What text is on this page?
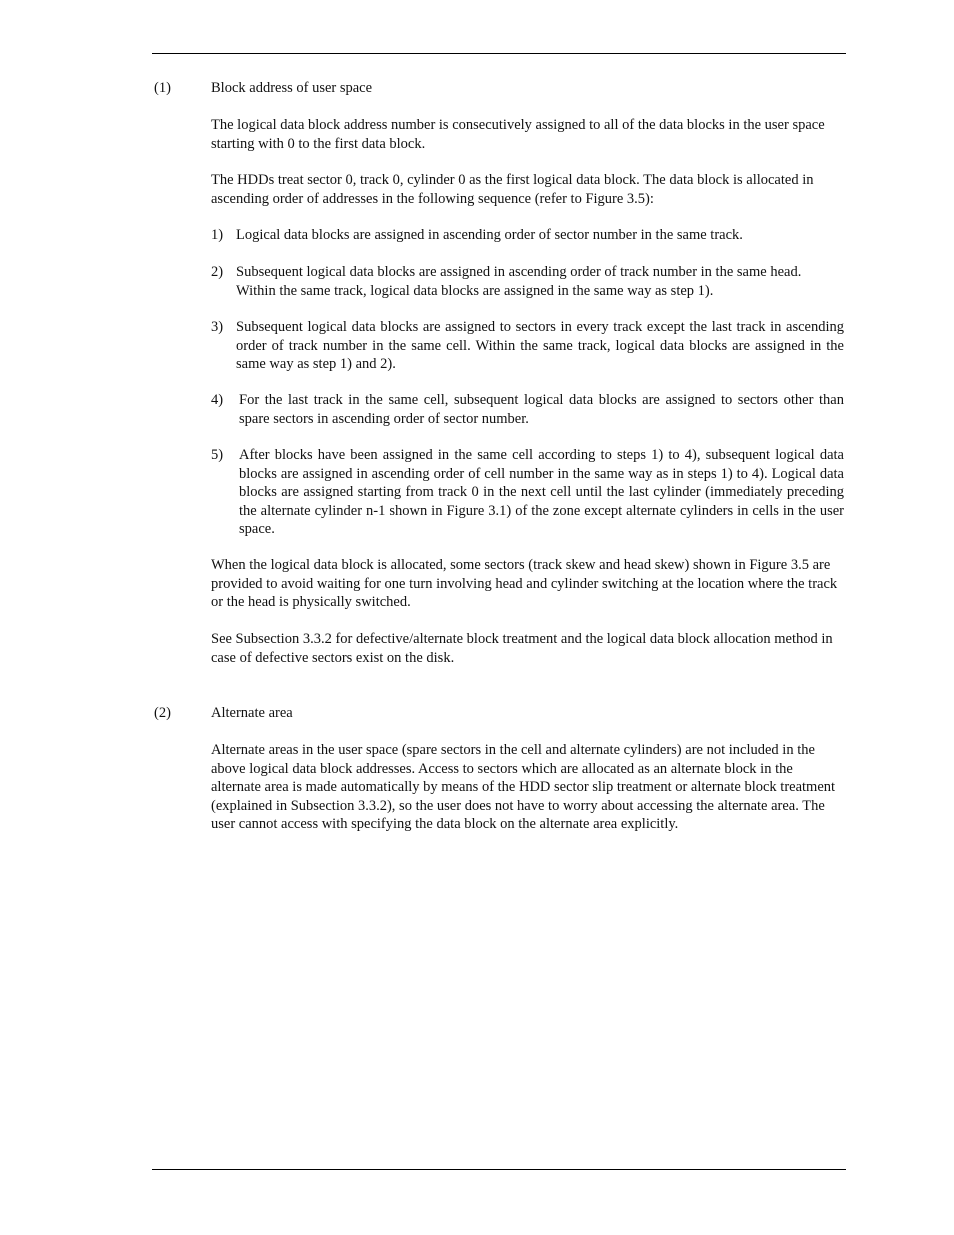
(1)	Block address of user space

The logical data block address number is consecutively assigned to all of the data blocks in the user space starting with 0 to the first data block.

The HDDs treat sector 0, track 0, cylinder 0 as the first logical data block. The data block is allocated in ascending order of addresses in the following sequence (refer to Figure 3.5):

1) Logical data blocks are assigned in ascending order of sector number in the same track.
2) Subsequent logical data blocks are assigned in ascending order of track number in the same head. Within the same track, logical data blocks are assigned in the same way as step 1).
3) Subsequent logical data blocks are assigned to sectors in every track except the last track in ascending order of track number in the same cell. Within the same track, logical data blocks are assigned in the same way as step 1) and 2).
4) For the last track in the same cell, subsequent logical data blocks are assigned to sectors other than spare sectors in ascending order of sector number.
5) After blocks have been assigned in the same cell according to steps 1) to 4), subsequent logical data blocks are assigned in ascending order of cell number in the same way as in steps 1) to 4). Logical data blocks are assigned starting from track 0 in the next cell until the last cylinder (immediately preceding the alternate cylinder n-1 shown in Figure 3.1) of the zone except alternate cylinders in cells in the user space.

When the logical data block is allocated, some sectors (track skew and head skew) shown in Figure 3.5 are provided to avoid waiting for one turn involving head and cylinder switching at the location where the track or the head is physically switched.

See Subsection 3.3.2 for defective/alternate block treatment and the logical data block allocation method in case of defective sectors exist on the disk.

(2)	Alternate area

Alternate areas in the user space (spare sectors in the cell and alternate cylinders) are not included in the above logical data block addresses. Access to sectors which are allocated as an alternate block in the alternate area is made automatically by means of the HDD sector slip treatment or alternate block treatment (explained in Subsection 3.3.2), so the user does not have to worry about accessing the alternate area. The user cannot access with specifying the data block on the alternate area explicitly.
